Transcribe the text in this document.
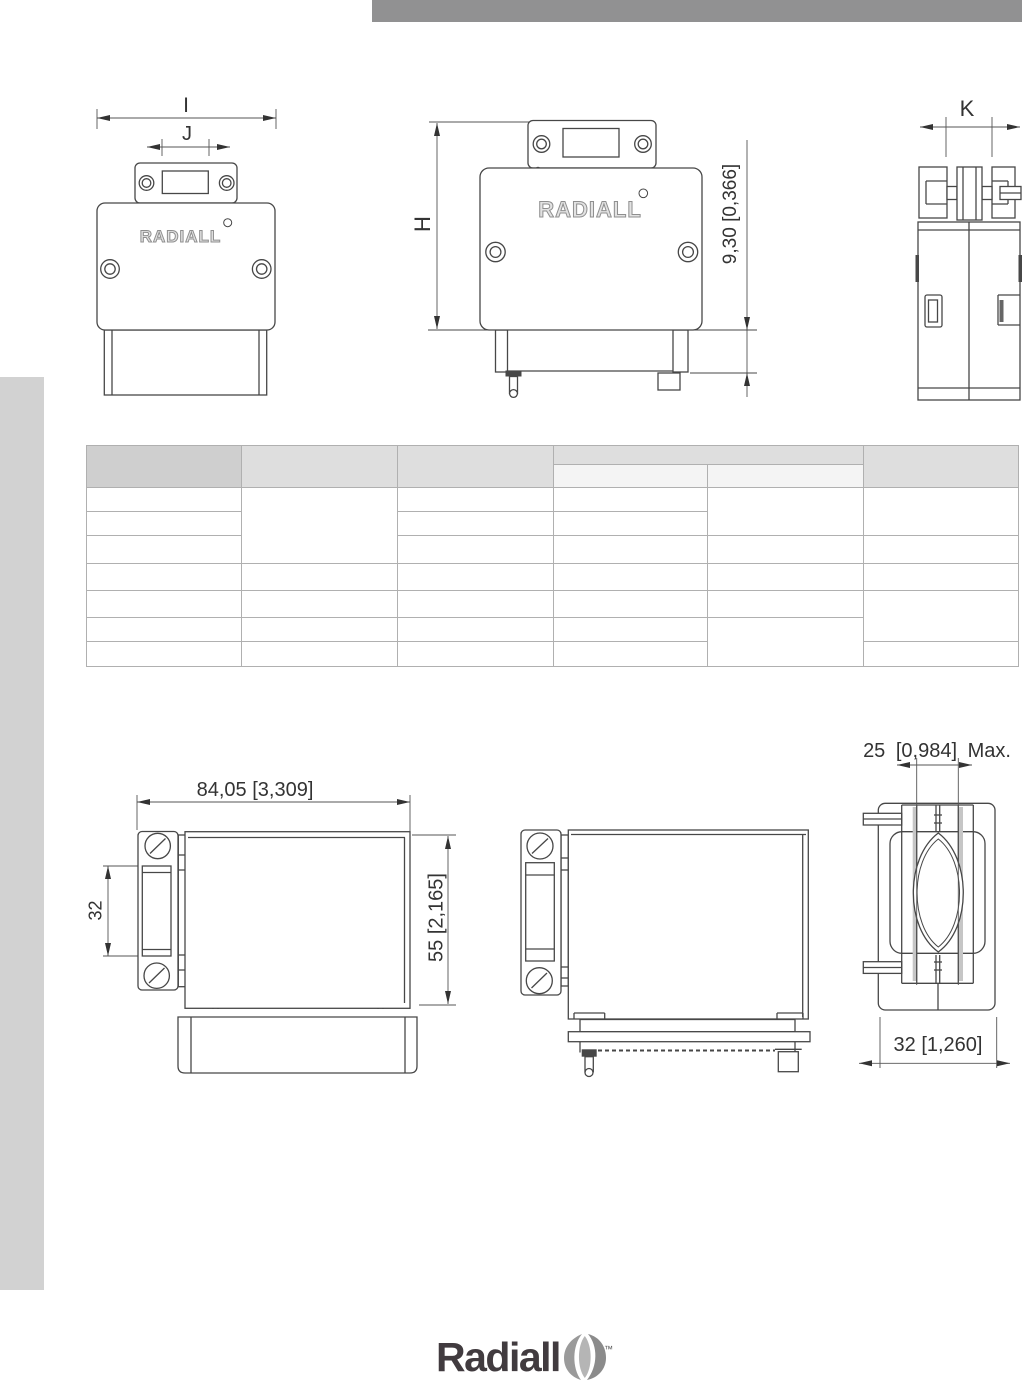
I
J
H	9,30 [0,366]
K
84,05 [3,309]
32	55 [2,165]
25 [0,984] Max.
32 [1,260]
RADIALL
RADIALL

Radiall	™
